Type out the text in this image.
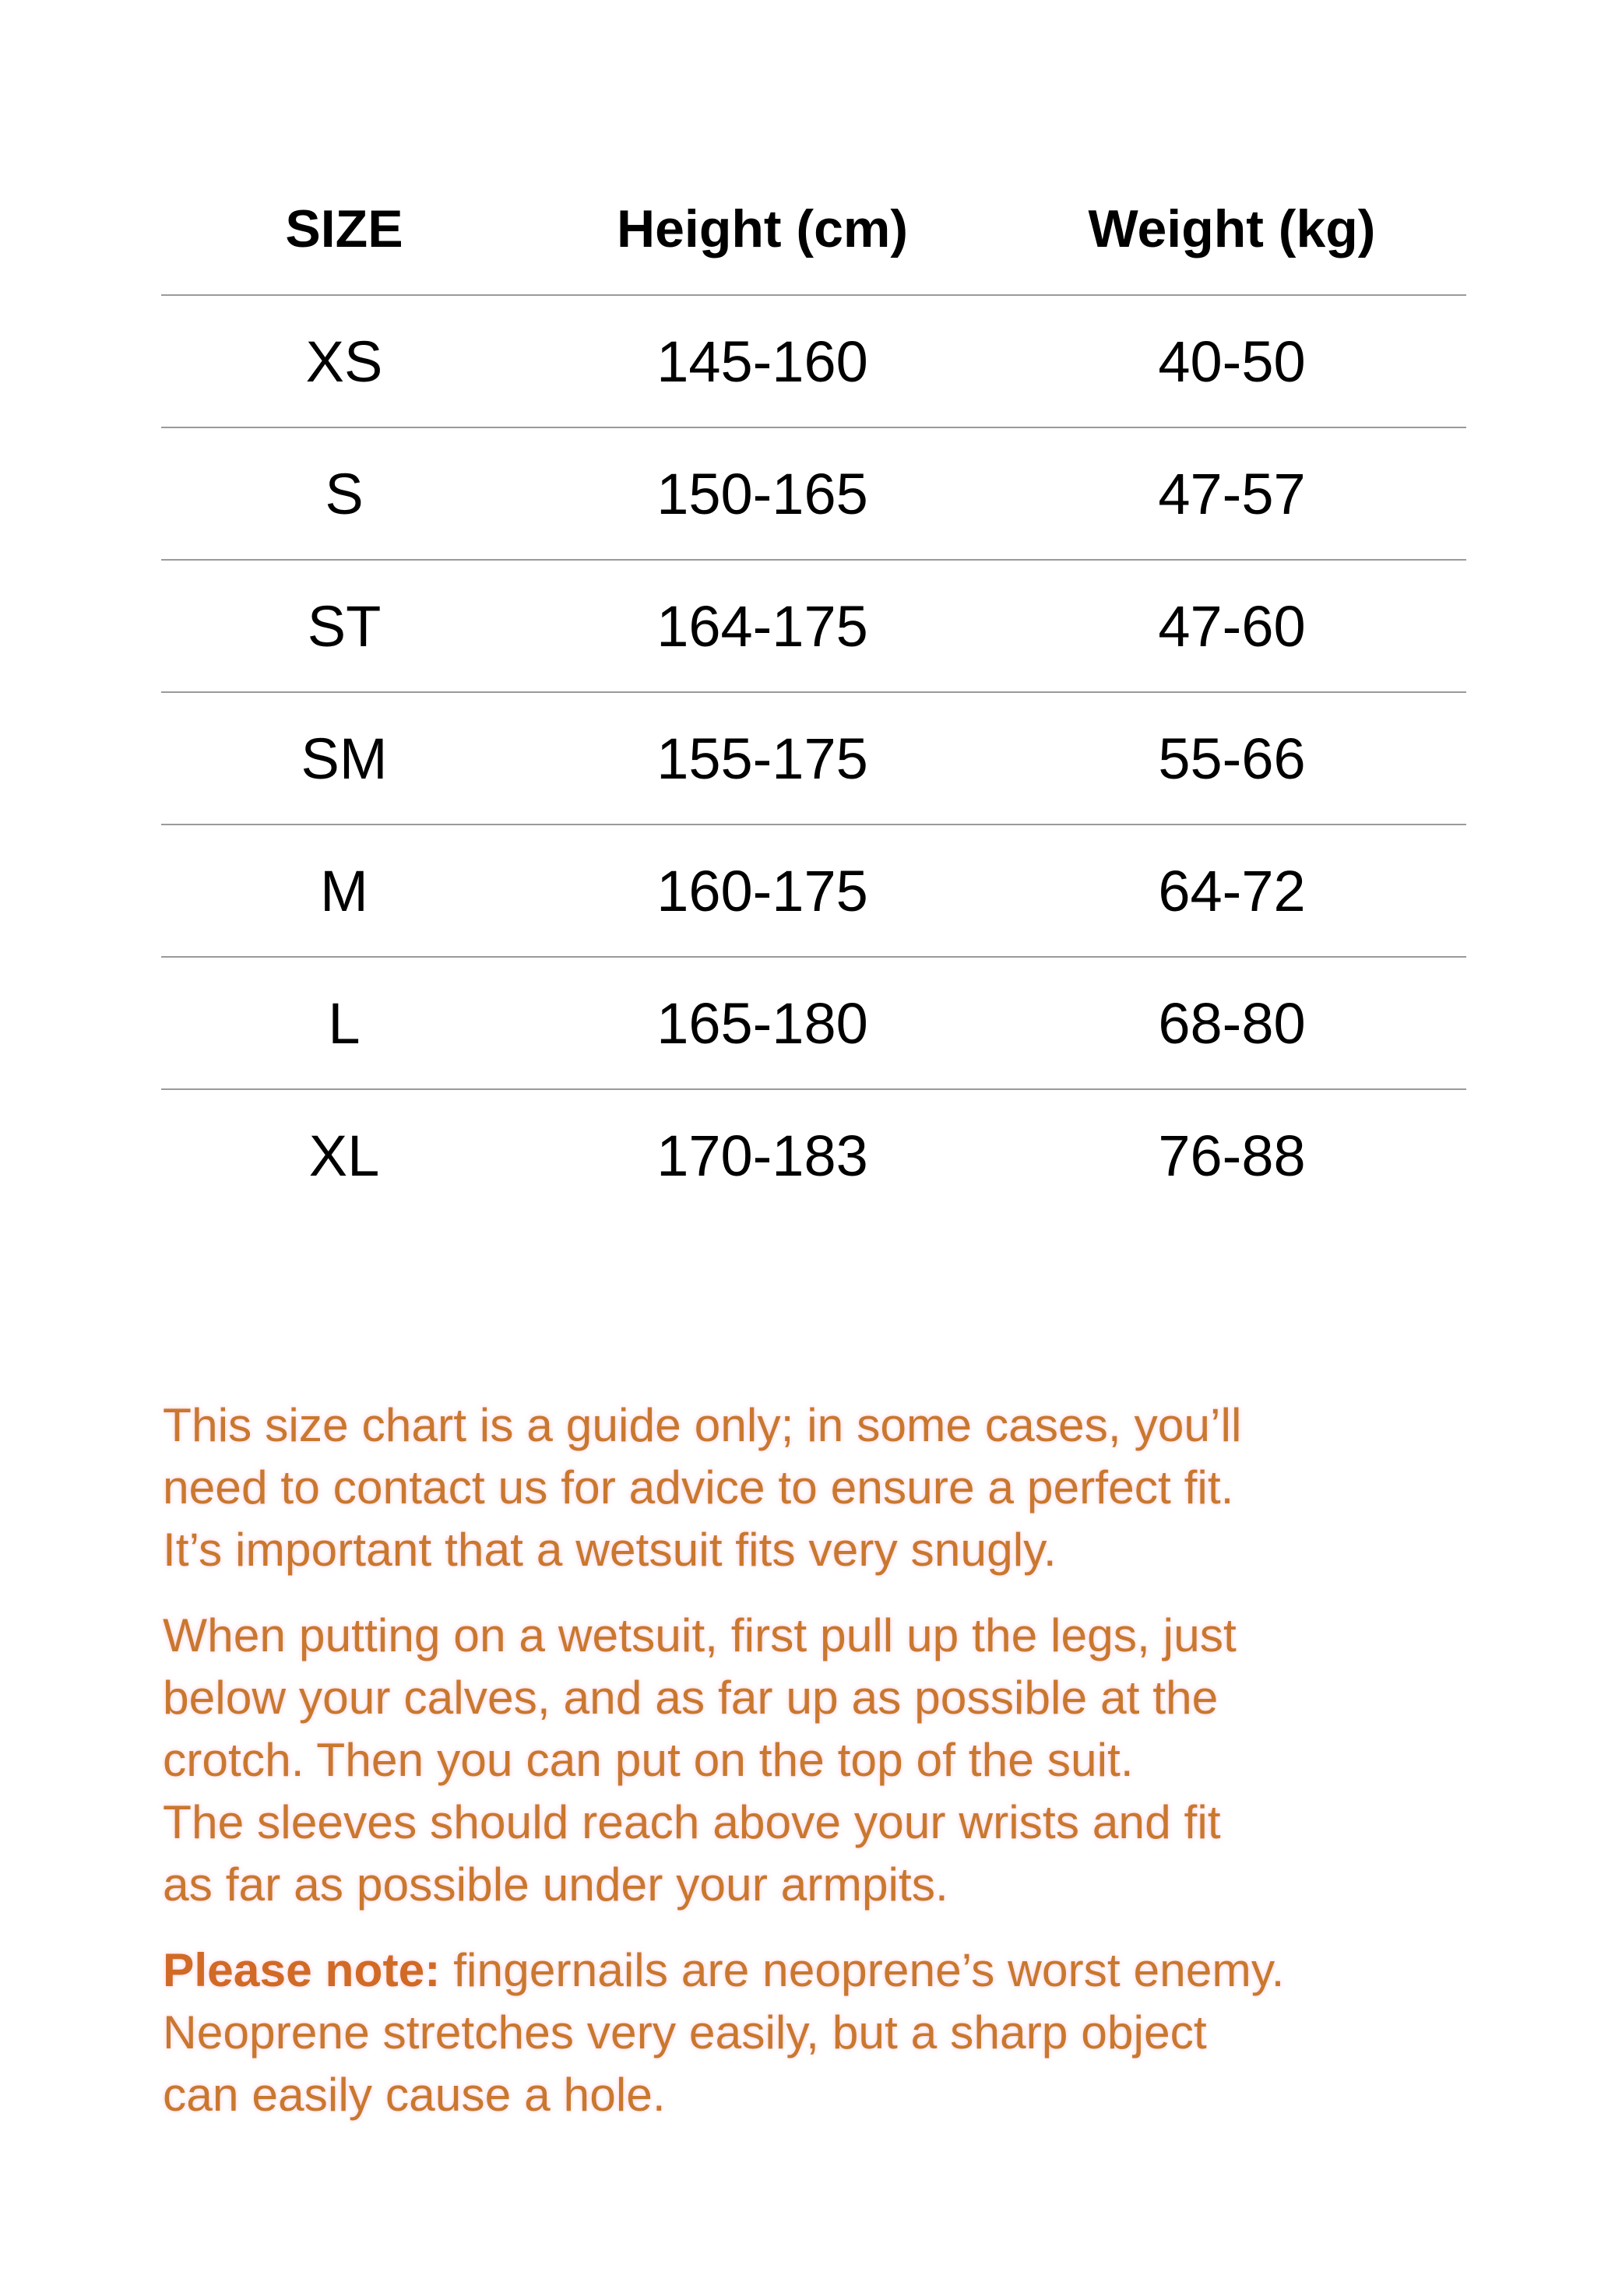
SIZE	Height (cm)	Weight (kg)
XS	145-160	40-50
S	150-165	47-57
ST	164-175	47-60
SM	155-175	55-66
M	160-175	64-72
L	165-180	68-80
XL	170-183	76-88

This size chart is a guide only; in some cases, you’ll
need to contact us for advice to ensure a perfect fit.
It’s important that a wetsuit fits very snugly.

When putting on a wetsuit, first pull up the legs, just
below your calves, and as far up as possible at the
crotch. Then you can put on the top of the suit.
The sleeves should reach above your wrists and fit
as far as possible under your armpits.

Please note: fingernails are neoprene’s worst enemy.
Neoprene stretches very easily, but a sharp object
can easily cause a hole.
